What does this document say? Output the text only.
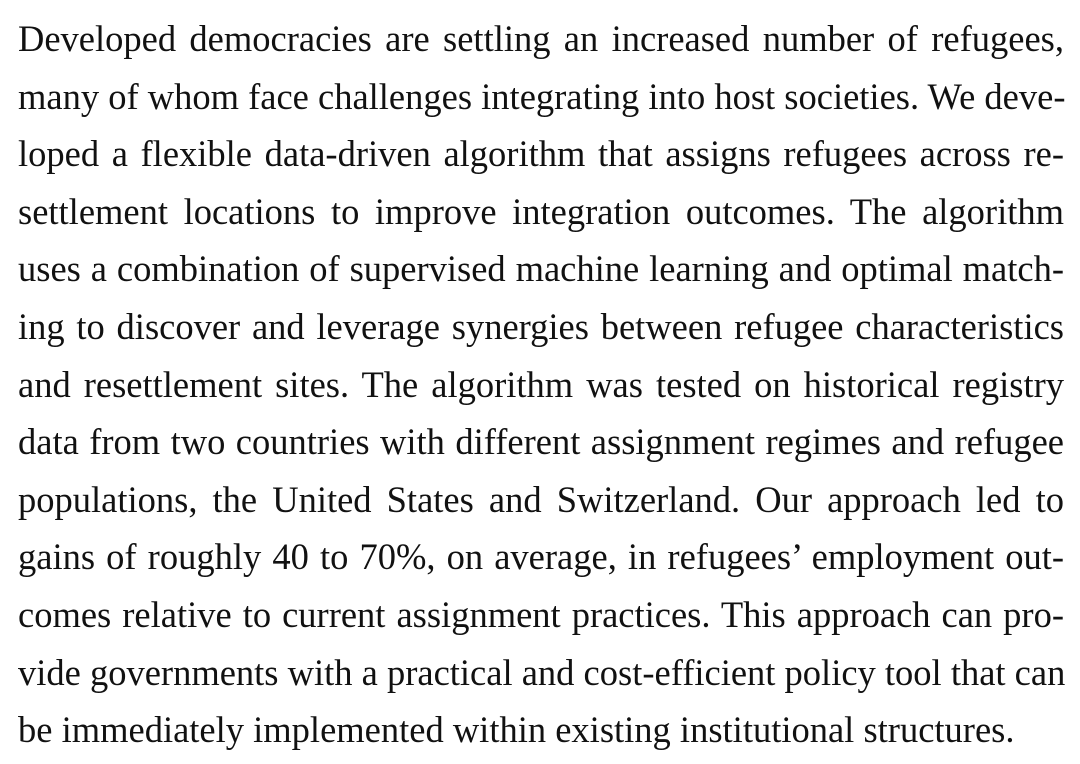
Developed democracies are settling an increased number of refugees,
many of whom face challenges integrating into host societies. We deve-
loped a flexible data-driven algorithm that assigns refugees across re-
settlement locations to improve integration outcomes. The algorithm
uses a combination of supervised machine learning and optimal match-
ing to discover and leverage synergies between refugee characteristics
and resettlement sites. The algorithm was tested on historical registry
data from two countries with different assignment regimes and refugee
populations, the United States and Switzerland. Our approach led to
gains of roughly 40 to 70%, on average, in refugees’ employment out-
comes relative to current assignment practices. This approach can pro-
vide governments with a practical and cost-efficient policy tool that can
be immediately implemented within existing institutional structures.
